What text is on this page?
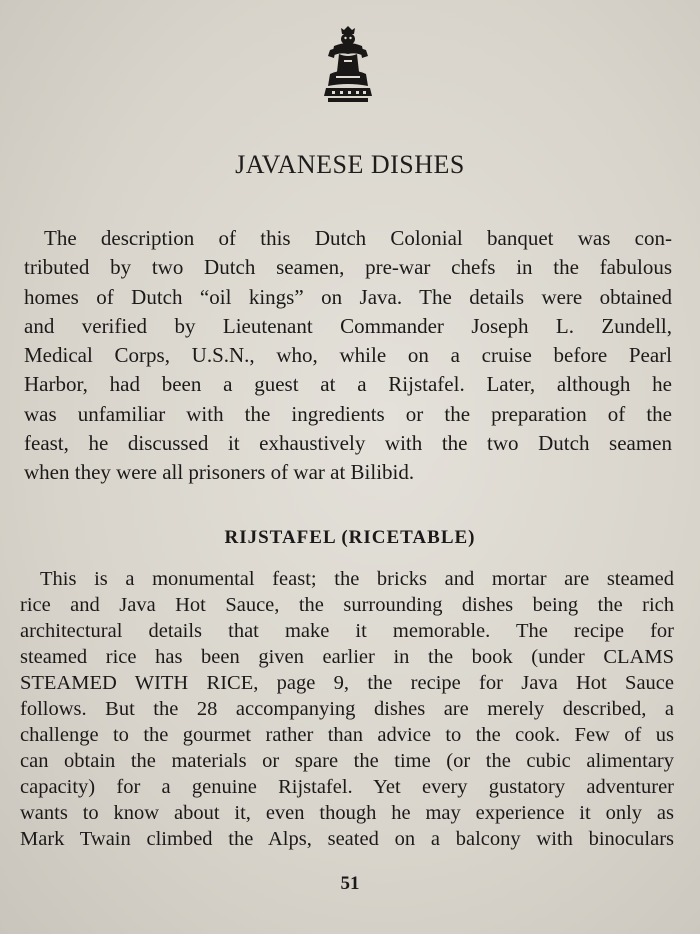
JAVANESE DISHES
The description of this Dutch Colonial banquet was con-
tributed by two Dutch seamen, pre-war chefs in the fabulous
homes of Dutch “oil kings” on Java. The details were obtained
and verified by Lieutenant Commander Joseph L. Zundell,
Medical Corps, U.S.N., who, while on a cruise before Pearl
Harbor, had been a guest at a Rijstafel. Later, although he
was unfamiliar with the ingredients or the preparation of the
feast, he discussed it exhaustively with the two Dutch seamen
when they were all prisoners of war at Bilibid.
RIJSTAFEL (RICETABLE)
This is a monumental feast; the bricks and mortar are steamed
rice and Java Hot Sauce, the surrounding dishes being the rich
architectural details that make it memorable. The recipe for
steamed rice has been given earlier in the book (under CLAMS
STEAMED WITH RICE, page 9, the recipe for Java Hot Sauce
follows. But the 28 accompanying dishes are merely described, a
challenge to the gourmet rather than advice to the cook. Few of us
can obtain the materials or spare the time (or the cubic alimentary
capacity) for a genuine Rijstafel. Yet every gustatory adventurer
wants to know about it, even though he may experience it only as
Mark Twain climbed the Alps, seated on a balcony with binoculars
51
